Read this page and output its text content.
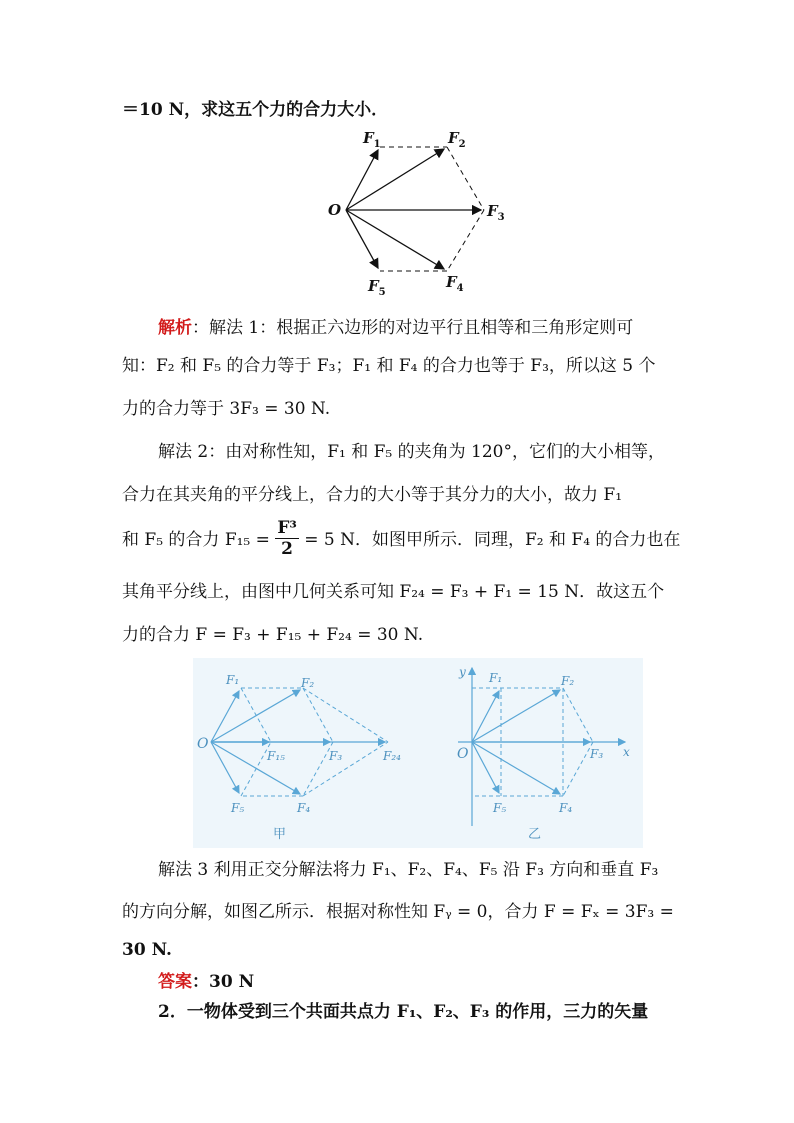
＝10 N，求这五个力的合力大小．
O
$F_1$	$F_2$
$F_3$
$F_4$
$F_5$
解析：解法 1：根据正六边形的对边平行且相等和三角形定则可
知：F₂ 和 F₅ 的合力等于 F₃；F₁ 和 F₄ 的合力也等于 F₃，所以这 5 个
力的合力等于 3F₃ = 30 N.
解法 2：由对称性知，F₁ 和 F₅ 的夹角为 120°，它们的大小相等，
合力在其夹角的平分线上，合力的大小等于其分力的大小，故力 F₁
和 F₅ 的合力 $F_{15} = \frac{\text{F³}}{2} = 5$ N．如图甲所示．同理，F₂ 和 F₄ 的合力也在
其角平分线上，由图中几何关系可知 F₂₄ = F₃ + F₁ = 15 N．故这五个
力的合力 F = F₃ + F₁₅ + F₂₄ = 30 N.
O
F₁	F₂
F₁₅	F₃	F₂₄
F₅	F₄
甲
y
x
O
F₁	F₂
F₃
F₅	F₄
乙
解法 3 利用正交分解法将力 F₁、F₂、F₄、F₅ 沿 F₃ 方向和垂直 F₃
的方向分解，如图乙所示．根据对称性知 Fᵧ = 0，合力 F = Fₓ = 3F₃ =
30 N.
答案：30 N
2．一物体受到三个共面共点力 F₁、F₂、F₃ 的作用，三力的矢量
